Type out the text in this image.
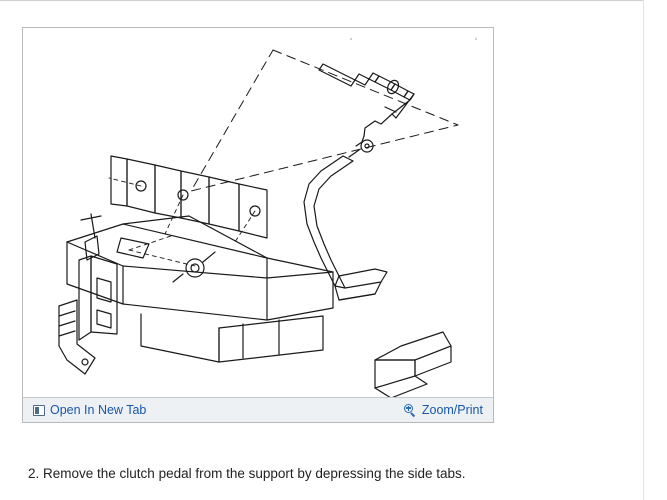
Open In New Tab	Zoom/Print
2. Remove the clutch pedal from the support by depressing the side tabs.
